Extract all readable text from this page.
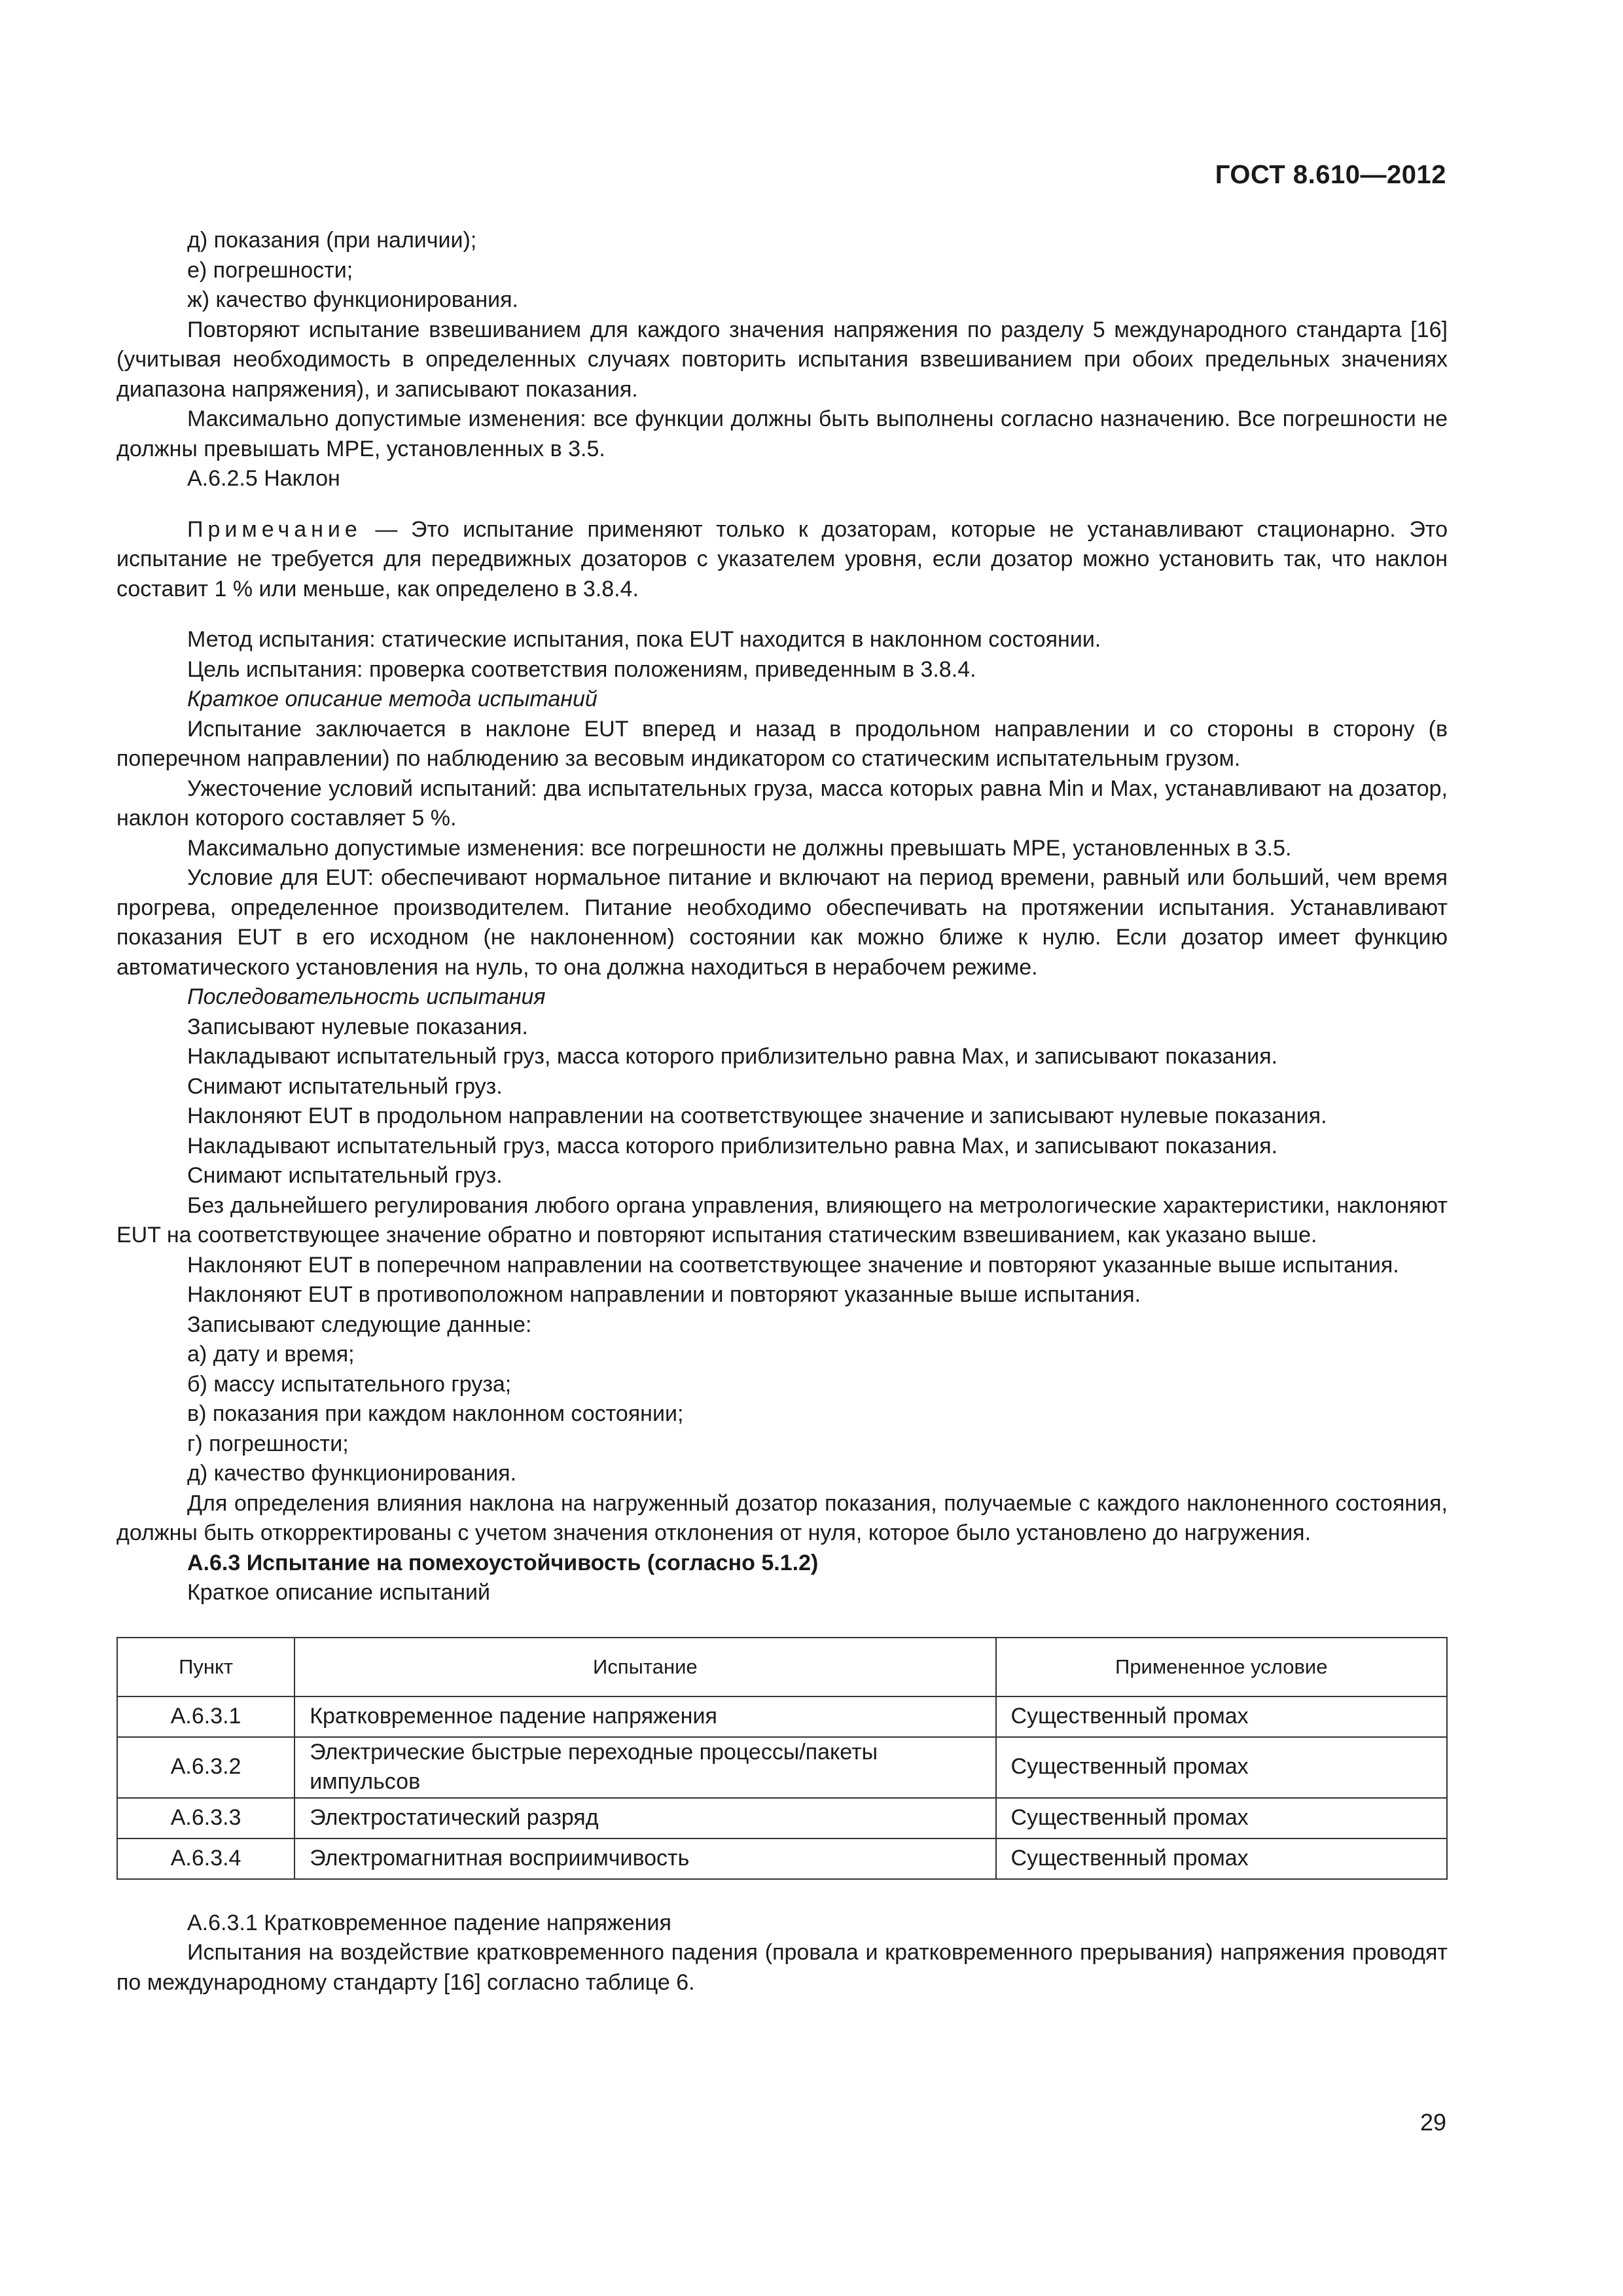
ГОСТ 8.610—2012

д) показания (при наличии);

е) погрешности;

ж) качество функционирования.

Повторяют испытание взвешиванием для каждого значения напряжения по разделу 5 международного стандарта [16] (учитывая необходимость в определенных случаях повторить испытания взвешиванием при обоих предельных значениях диапазона напряжения), и записывают показания.

Максимально допустимые изменения: все функции должны быть выполнены согласно назначению. Все погрешности не должны превышать MPE, установленных в 3.5.

А.6.2.5 Наклон

Примечание — Это испытание применяют только к дозаторам, которые не устанавливают стационарно. Это испытание не требуется для передвижных дозаторов с указателем уровня, если дозатор можно установить так, что наклон составит 1 % или меньше, как определено в 3.8.4.

Метод испытания: статические испытания, пока EUT находится в наклонном состоянии.

Цель испытания: проверка соответствия положениям, приведенным в 3.8.4.

Краткое описание метода испытаний

Испытание заключается в наклоне EUT вперед и назад в продольном направлении и со стороны в сторону (в поперечном направлении) по наблюдению за весовым индикатором со статическим испытательным грузом.

Ужесточение условий испытаний: два испытательных груза, масса которых равна Min и Max, устанавливают на дозатор, наклон которого составляет 5 %.

Максимально допустимые изменения: все погрешности не должны превышать MPE, установленных в 3.5.

Условие для EUT: обеспечивают нормальное питание и включают на период времени, равный или больший, чем время прогрева, определенное производителем. Питание необходимо обеспечивать на протяжении испытания. Устанавливают показания EUT в его исходном (не наклоненном) состоянии как можно ближе к нулю. Если дозатор имеет функцию автоматического установления на нуль, то она должна находиться в нерабочем режиме.

Последовательность испытания

Записывают нулевые показания.

Накладывают испытательный груз, масса которого приблизительно равна Max, и записывают показания.

Снимают испытательный груз.

Наклоняют EUT в продольном направлении на соответствующее значение и записывают нулевые показания.

Накладывают испытательный груз, масса которого приблизительно равна Max, и записывают показания.

Снимают испытательный груз.

Без дальнейшего регулирования любого органа управления, влияющего на метрологические характеристики, наклоняют EUT на соответствующее значение обратно и повторяют испытания статическим взвешиванием, как указано выше.

Наклоняют EUT в поперечном направлении на соответствующее значение и повторяют указанные выше испытания.

Наклоняют EUT в противоположном направлении и повторяют указанные выше испытания.

Записывают следующие данные:

а) дату и время;

б) массу испытательного груза;

в) показания при каждом наклонном состоянии;

г) погрешности;

д) качество функционирования.

Для определения влияния наклона на нагруженный дозатор показания, получаемые с каждого наклоненного состояния, должны быть откорректированы с учетом значения отклонения от нуля, которое было установлено до нагружения.

А.6.3 Испытание на помехоустойчивость (согласно 5.1.2)

Краткое описание испытаний

Пункт	Испытание	Примененное условие
А.6.3.1	Кратковременное падение напряжения	Существенный промах
А.6.3.2	Электрические быстрые переходные процессы/пакеты импульсов	Существенный промах
А.6.3.3	Электростатический разряд	Существенный промах
А.6.3.4	Электромагнитная восприимчивость	Существенный промах

А.6.3.1 Кратковременное падение напряжения

Испытания на воздействие кратковременного падения (провала и кратковременного прерывания) напряжения проводят по международному стандарту [16] согласно таблице 6.

29
